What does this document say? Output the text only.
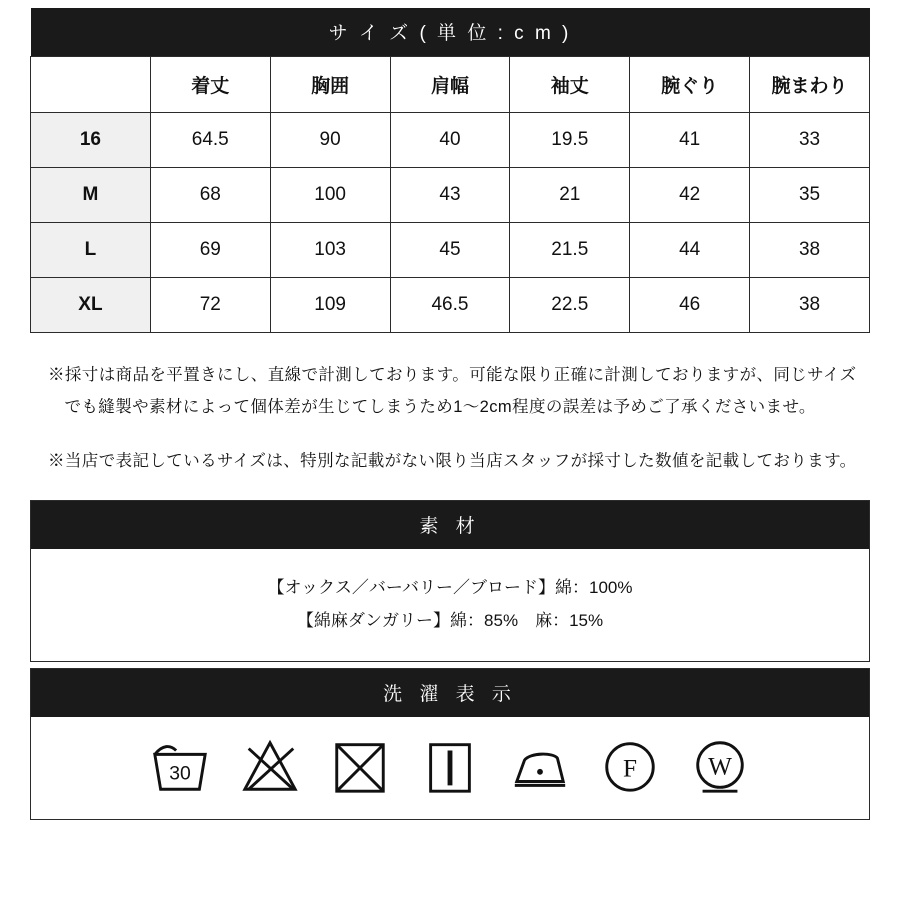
サ イ ズ ( 単 位 : c m )						
	着丈	胸囲	肩幅	袖丈	腕ぐり	腕まわり
16	64.5	90	40	19.5	41	33
M	68	100	43	21	42	35
L	69	103	45	21.5	44	38
XL	72	109	46.5	22.5	46	38

※採寸は商品を平置きにし、直線で計測しております。可能な限り正確に計測しておりますが、同じサイズでも縫製や素材によって個体差が生じてしまうため1〜2cm程度の誤差は予めご了承くださいませ。

※当店で表記しているサイズは、特別な記載がない限り当店スタッフが採寸した数値を記載しております。

素 材
【オックス／バーバリー／ブロード】綿：100%
【綿麻ダンガリー】綿：85%　麻：15%
洗 濯 表 示
30	F	W
